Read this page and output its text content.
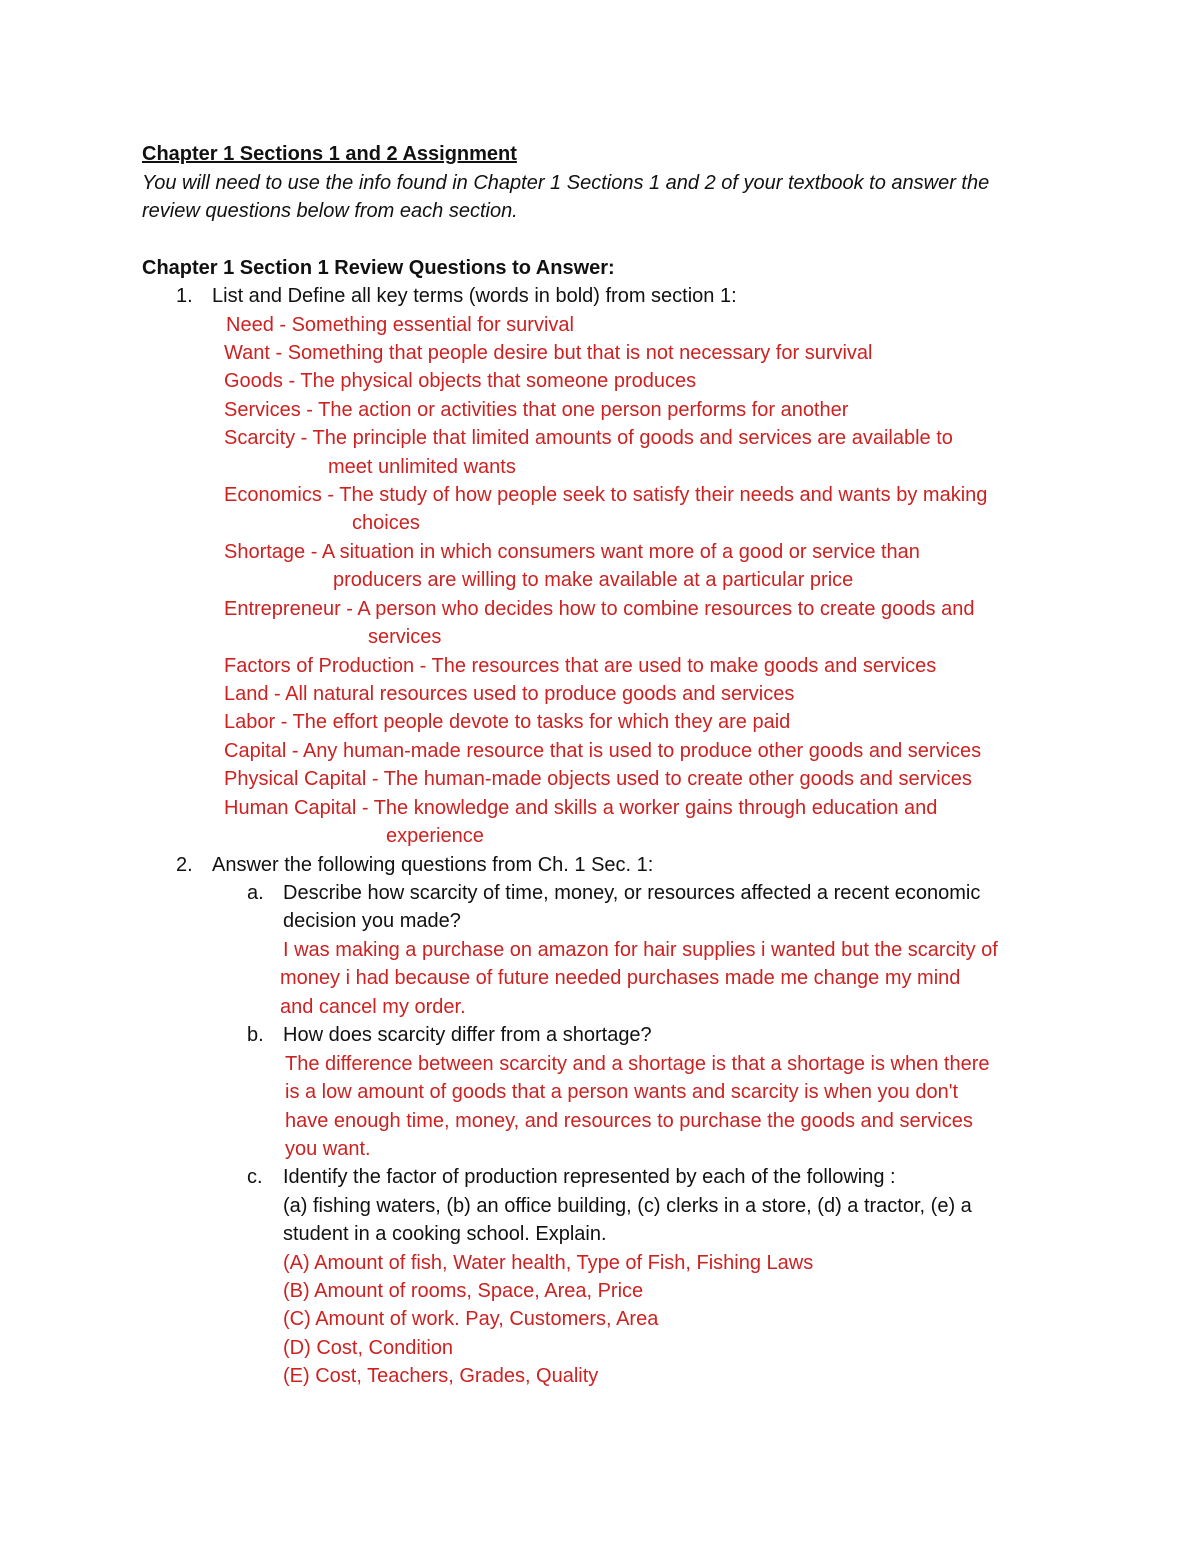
Chapter 1 Sections 1 and 2 Assignment
You will need to use the info found in Chapter 1 Sections 1 and 2 of your textbook to answer the
review questions below from each section.
Chapter 1 Section 1 Review Questions to Answer:
1. List and Define all key terms (words in bold) from section 1:
Need - Something essential for survival
Want - Something that people desire but that is not necessary for survival
Goods - The physical objects that someone produces
Services - The action or activities that one person performs for another
Scarcity - The principle that limited amounts of goods and services are available to
meet unlimited wants
Economics - The study of how people seek to satisfy their needs and wants by making
choices
Shortage - A situation in which consumers want more of a good or service than
producers are willing to make available at a particular price
Entrepreneur - A person who decides how to combine resources to create goods and
services
Factors of Production - The resources that are used to make goods and services
Land - All natural resources used to produce goods and services
Labor - The effort people devote to tasks for which they are paid
Capital - Any human-made resource that is used to produce other goods and services
Physical Capital - The human-made objects used to create other goods and services
Human Capital - The knowledge and skills a worker gains through education and
experience
2. Answer the following questions from Ch. 1 Sec. 1:
a. Describe how scarcity of time, money, or resources affected a recent economic
decision you made?
I was making a purchase on amazon for hair supplies i wanted but the scarcity of
money i had because of future needed purchases made me change my mind
and cancel my order.
b. How does scarcity differ from a shortage?
The difference between scarcity and a shortage is that a shortage is when there
is a low amount of goods that a person wants and scarcity is when you don't
have enough time, money, and resources to purchase the goods and services
you want.
c. Identify the factor of production represented by each of the following :
(a) fishing waters, (b) an office building, (c) clerks in a store, (d) a tractor, (e) a
student in a cooking school. Explain.
(A) Amount of fish, Water health, Type of Fish, Fishing Laws
(B) Amount of rooms, Space, Area, Price
(C) Amount of work. Pay, Customers, Area
(D) Cost, Condition
(E) Cost, Teachers, Grades, Quality
